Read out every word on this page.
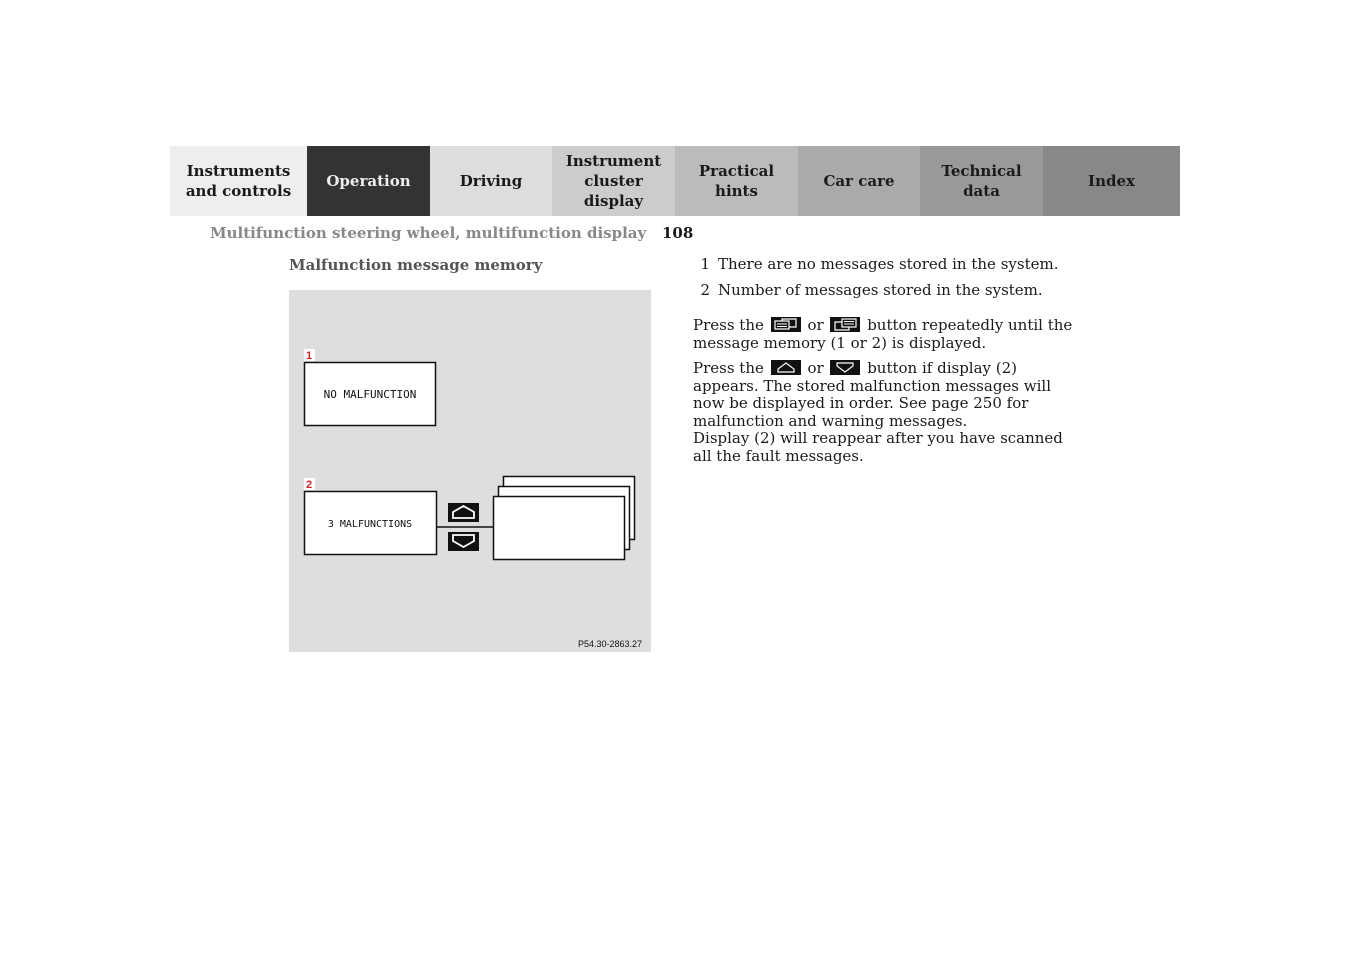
Instruments
and controls
Operation	Driving
Instrument
cluster display
Practical hints
Car care
Technical
data
Index
Multifunction steering wheel, multifunction display 108
Malfunction message memory
1
NO MALFUNCTION
2
3 MALFUNCTIONS
P54.30-2863.27
1 There are no messages stored in the system.
2 Number of messages stored in the system.
Press the	or	button repeatedly until the message memory (1 or 2) is displayed.
Press the	or	button if display (2) appears. The stored malfunction messages will now be displayed in order. See page 250 for malfunction and warning messages.
Display (2) will reappear after you have scanned all the fault messages.
